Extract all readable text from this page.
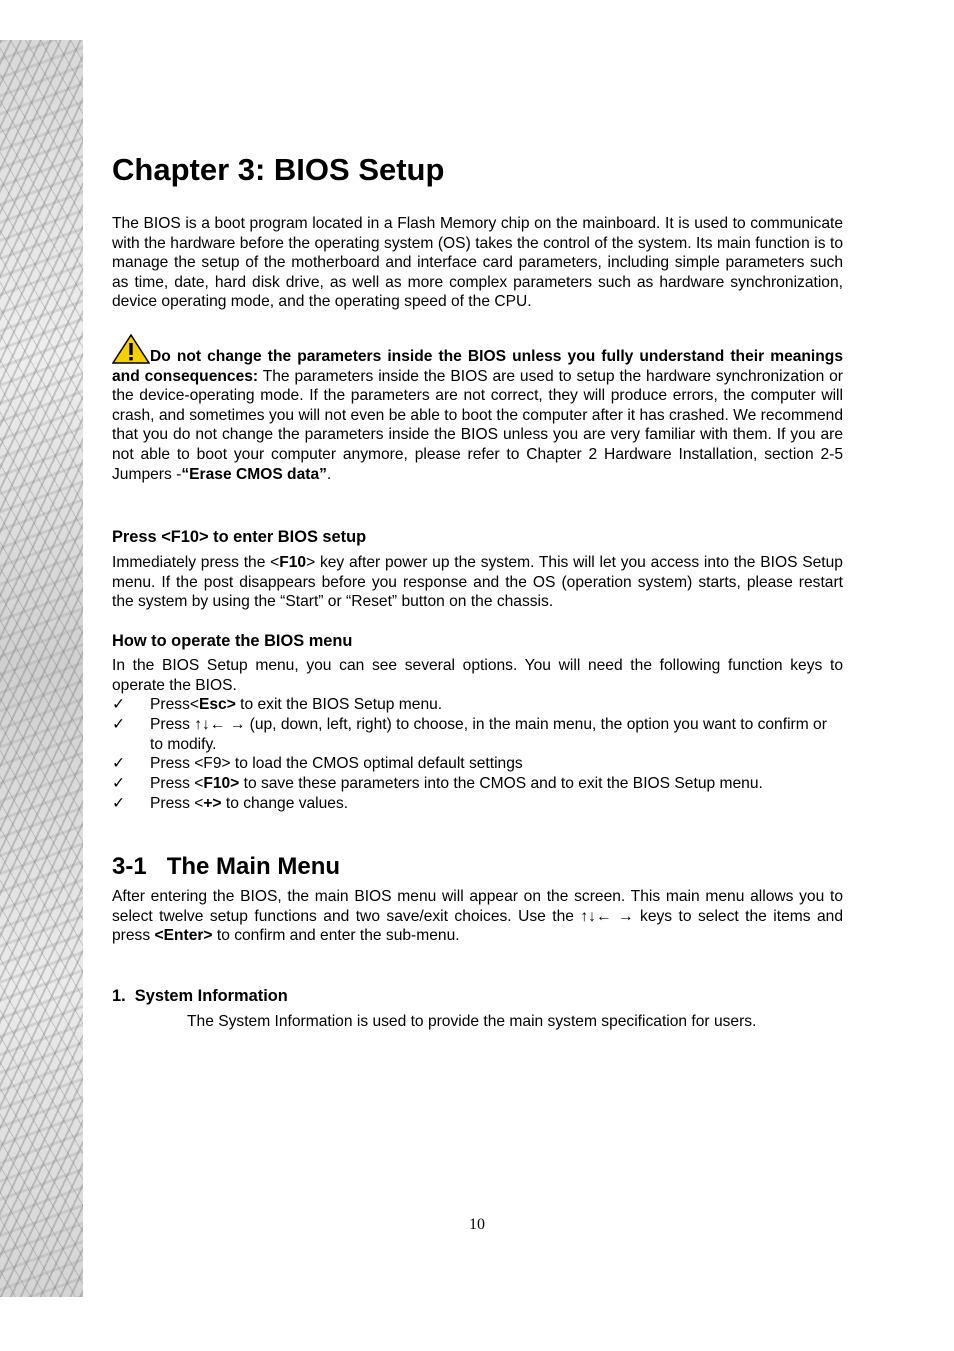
Chapter 3: BIOS Setup

The BIOS is a boot program located in a Flash Memory chip on the mainboard. It is used to communicate with the hardware before the operating system (OS) takes the control of the system. Its main function is to manage the setup of the motherboard and interface card parameters, including simple parameters such as time, date, hard disk drive, as well as more complex parameters such as hardware synchronization, device operating mode, and the operating speed of the CPU.

Do not change the parameters inside the BIOS unless you fully understand their meanings and consequences: The parameters inside the BIOS are used to setup the hardware synchronization or the device-operating mode. If the parameters are not correct, they will produce errors, the computer will crash, and sometimes you will not even be able to boot the computer after it has crashed. We recommend that you do not change the parameters inside the BIOS unless you are very familiar with them. If you are not able to boot your computer anymore, please refer to Chapter 2 Hardware Installation, section 2-5 Jumpers -“Erase CMOS data”.

Press <F10> to enter BIOS setup

Immediately press the <F10> key after power up the system. This will let you access into the BIOS Setup menu. If the post disappears before you response and the OS (operation system) starts, please restart the system by using the “Start” or “Reset” button on the chassis.

How to operate the BIOS menu

In the BIOS Setup menu, you can see several options. You will need the following function keys to operate the BIOS.

✓ Press<Esc> to exit the BIOS Setup menu.
✓ Press ↑↓← → (up, down, left, right) to choose, in the main menu, the option you want to confirm or to modify.
✓ Press <F9> to load the CMOS optimal default settings
✓ Press <F10> to save these parameters into the CMOS and to exit the BIOS Setup menu.
✓ Press <+> to change values.
3-1   The Main Menu

After entering the BIOS, the main BIOS menu will appear on the screen. This main menu allows you to select twelve setup functions and two save/exit choices. Use the ↑↓← → keys to select the items and press <Enter> to confirm and enter the sub-menu.

1.  System Information
The System Information is used to provide the main system specification for users.
10
